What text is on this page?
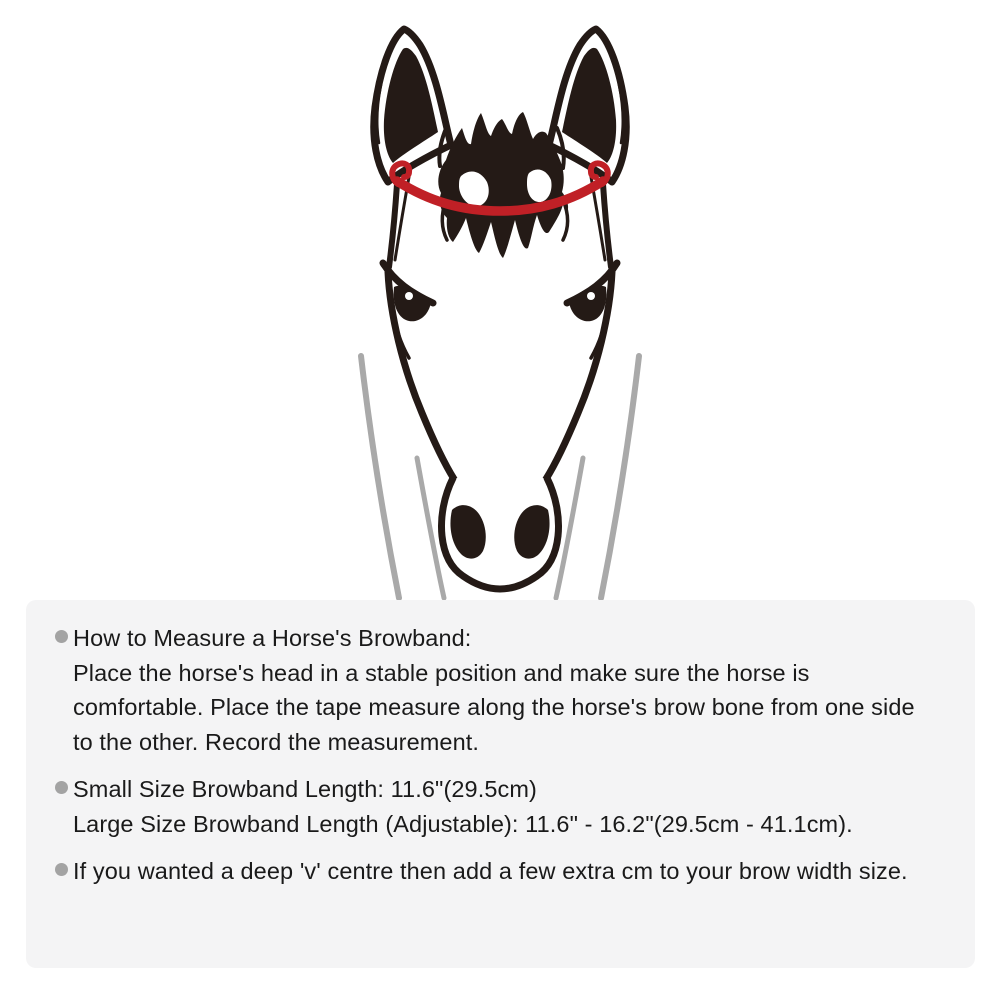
How to Measure a Horse's Browband:
Place the horse's head in a stable position and make sure the horse is comfortable. Place the tape measure along the horse's brow bone from one side to the other. Record the measurement.
Small Size Browband Length: 11.6"(29.5cm)
Large Size Browband Length (Adjustable): 11.6" - 16.2"(29.5cm - 41.1cm).
If you wanted a deep 'v' centre then add a few extra cm to your brow width size.
